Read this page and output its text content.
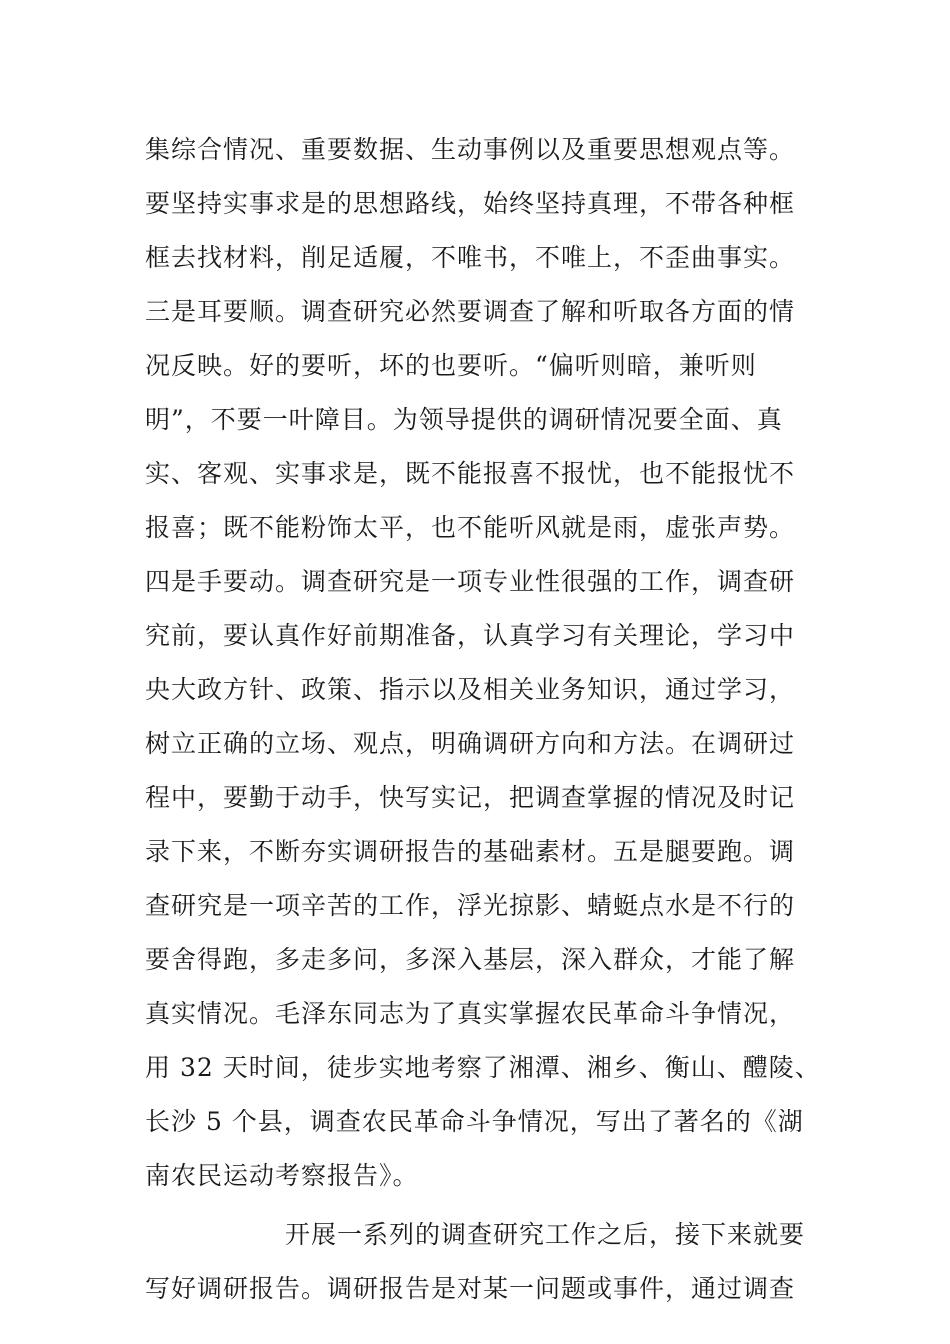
集综合情况、重要数据、生动事例以及重要思想观点等。
要坚持实事求是的思想路线，始终坚持真理，不带各种框
框去找材料，削足适履，不唯书，不唯上，不歪曲事实。
三是耳要顺。调查研究必然要调查了解和听取各方面的情
况反映。好的要听，坏的也要听。“偏听则暗，兼听则
明”，不要一叶障目。为领导提供的调研情况要全面、真
实、客观、实事求是，既不能报喜不报忧，也不能报忧不
报喜；既不能粉饰太平，也不能听风就是雨，虚张声势。
四是手要动。调查研究是一项专业性很强的工作，调查研
究前，要认真作好前期准备，认真学习有关理论，学习中
央大政方针、政策、指示以及相关业务知识，通过学习，
树立正确的立场、观点，明确调研方向和方法。在调研过
程中，要勤于动手，快写实记，把调查掌握的情况及时记
录下来，不断夯实调研报告的基础素材。五是腿要跑。调
查研究是一项辛苦的工作，浮光掠影、蜻蜓点水是不行的
要舍得跑，多走多问，多深入基层，深入群众，才能了解
真实情况。毛泽东同志为了真实掌握农民革命斗争情况，
用 32 天时间，徒步实地考察了湘潭、湘乡、衡山、醴陵、
长沙 5 个县，调查农民革命斗争情况，写出了著名的《湖
南农民运动考察报告》。
开展一系列的调查研究工作之后，接下来就要
写好调研报告。调研报告是对某一问题或事件，通过调查
